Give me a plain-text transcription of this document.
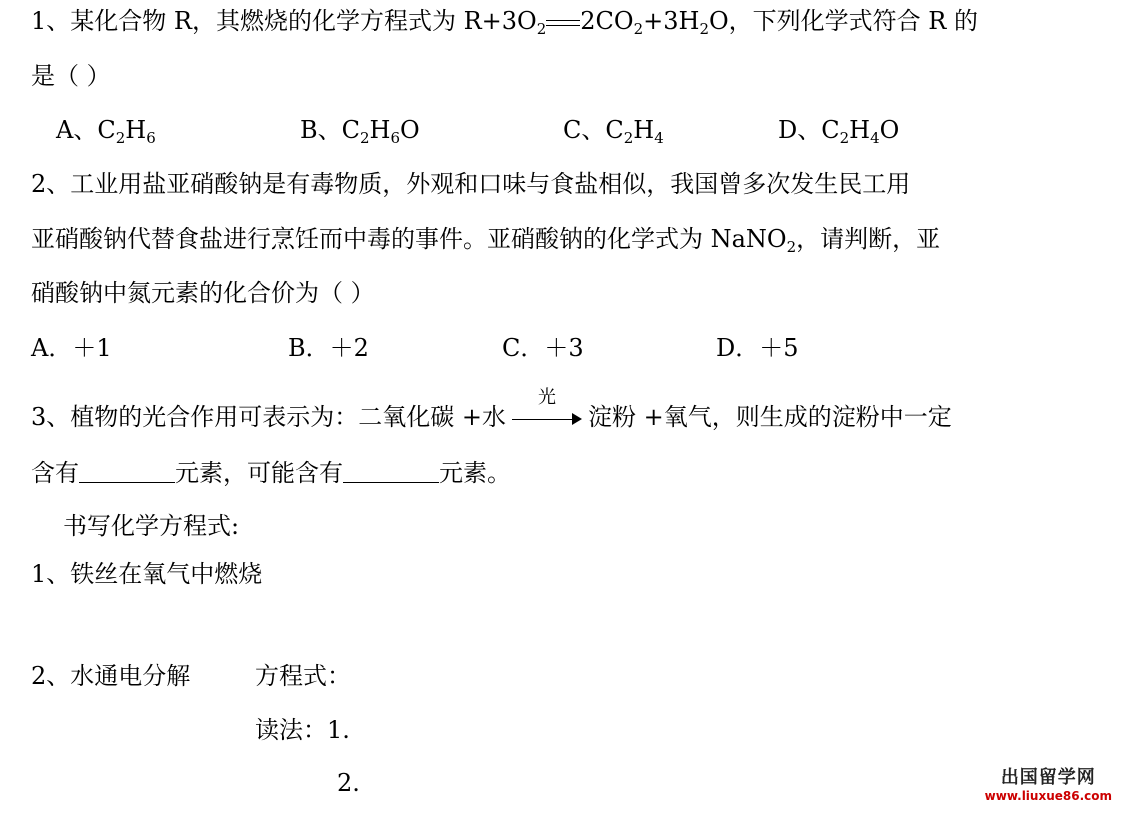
1、某化合物 R，其燃烧的化学方程式为 $R+3O_2$ $2CO_2+3H_2O$，下列化学式符合 R 的
是（ ）
A、$C_2H_6$	B、$C_2H_6O$	C、$C_2H_4$	D、$C_2H_4O$
2、工业用盐亚硝酸钠是有毒物质，外观和口味与食盐相似，我国曾多次发生民工用
亚硝酸钠代替食盐进行烹饪而中毒的事件。亚硝酸钠的化学式为 NaNO$_2$，请判断，亚
硝酸钠中氮元素的化合价为（ ）
A．＋1	B．＋2	C．＋3	D．＋5
3、植物的光合作用可表示为：二氧化碳 +水
光
淀粉 +氧气，则生成的淀粉中一定
含有	元素，可能含有	元素。
书写化学方程式:
1、铁丝在氧气中燃烧
2、水通电分解	方程式：
读法：1.
2.	出国留学网
www.liuxue86.com
